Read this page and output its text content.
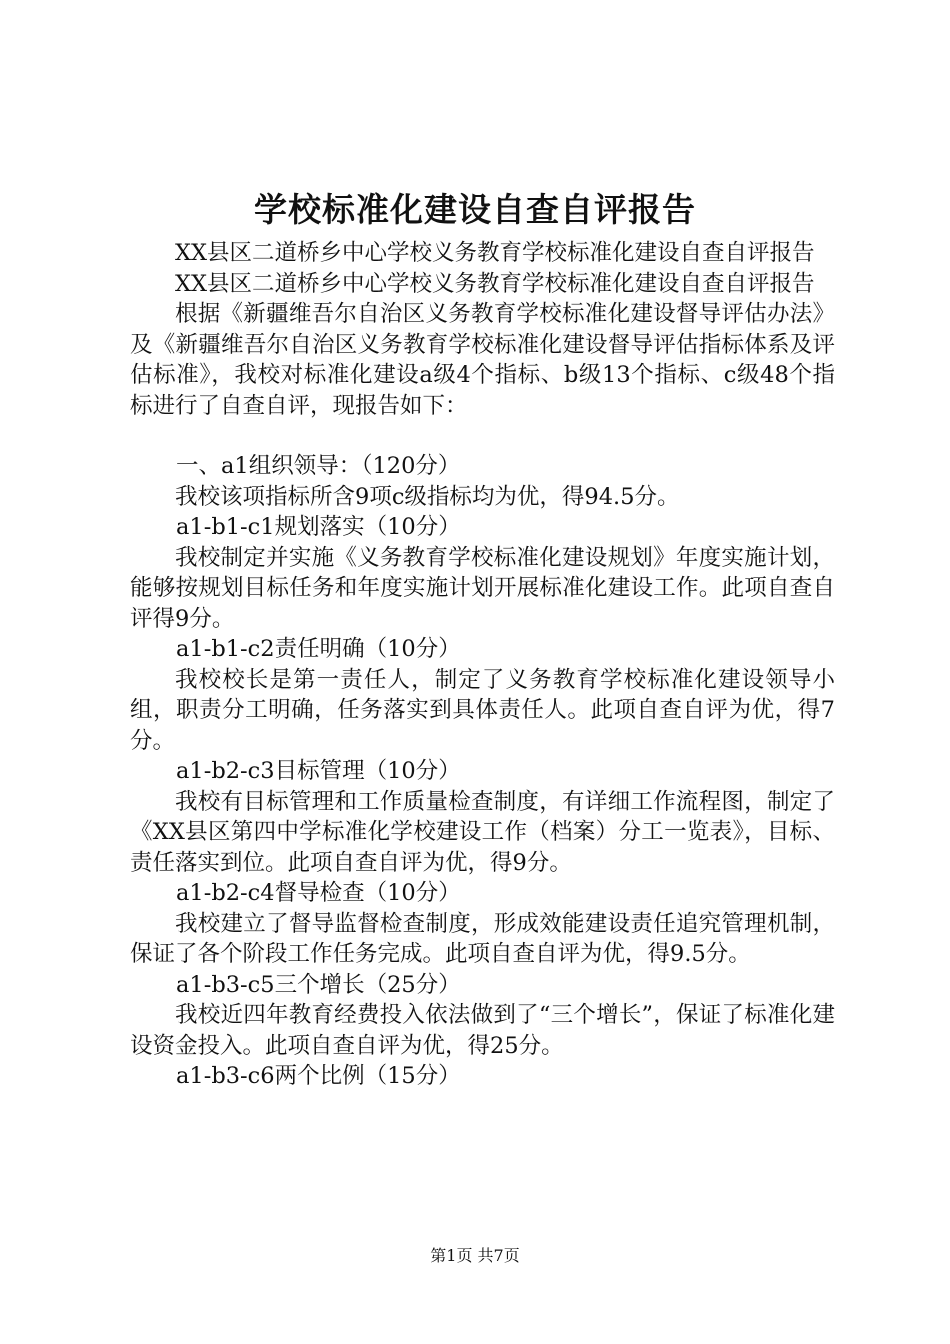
学校标准化建设自查自评报告

XX县区二道桥乡中心学校义务教育学校标准化建设自查自评报告

XX县区二道桥乡中心学校义务教育学校标准化建设自查自评报告

根据《新疆维吾尔自治区义务教育学校标准化建设督导评估办法》及《新疆维吾尔自治区义务教育学校标准化建设督导评估指标体系及评估标准》，我校对标准化建设a级4个指标、b级13个指标、c级48个指标进行了自查自评，现报告如下：

一、a1组织领导：（120分）

我校该项指标所含9项c级指标均为优，得94.5分。

a1-b1-c1规划落实（10分）

我校制定并实施《义务教育学校标准化建设规划》年度实施计划，能够按规划目标任务和年度实施计划开展标准化建设工作。此项自查自评得9分。

a1-b1-c2责任明确（10分）

我校校长是第一责任人，制定了义务教育学校标准化建设领导小组，职责分工明确，任务落实到具体责任人。此项自查自评为优，得7分。

a1-b2-c3目标管理（10分）

我校有目标管理和工作质量检查制度，有详细工作流程图，制定了《XX县区第四中学标准化学校建设工作（档案）分工一览表》，目标、责任落实到位。此项自查自评为优，得9分。

a1-b2-c4督导检查（10分）

我校建立了督导监督检查制度，形成效能建设责任追究管理机制，保证了各个阶段工作任务完成。此项自查自评为优，得9.5分。

a1-b3-c5三个增长（25分）

我校近四年教育经费投入依法做到了“三个增长”，保证了标准化建设资金投入。此项自查自评为优，得25分。

a1-b3-c6两个比例（15分）

第1页 共7页
